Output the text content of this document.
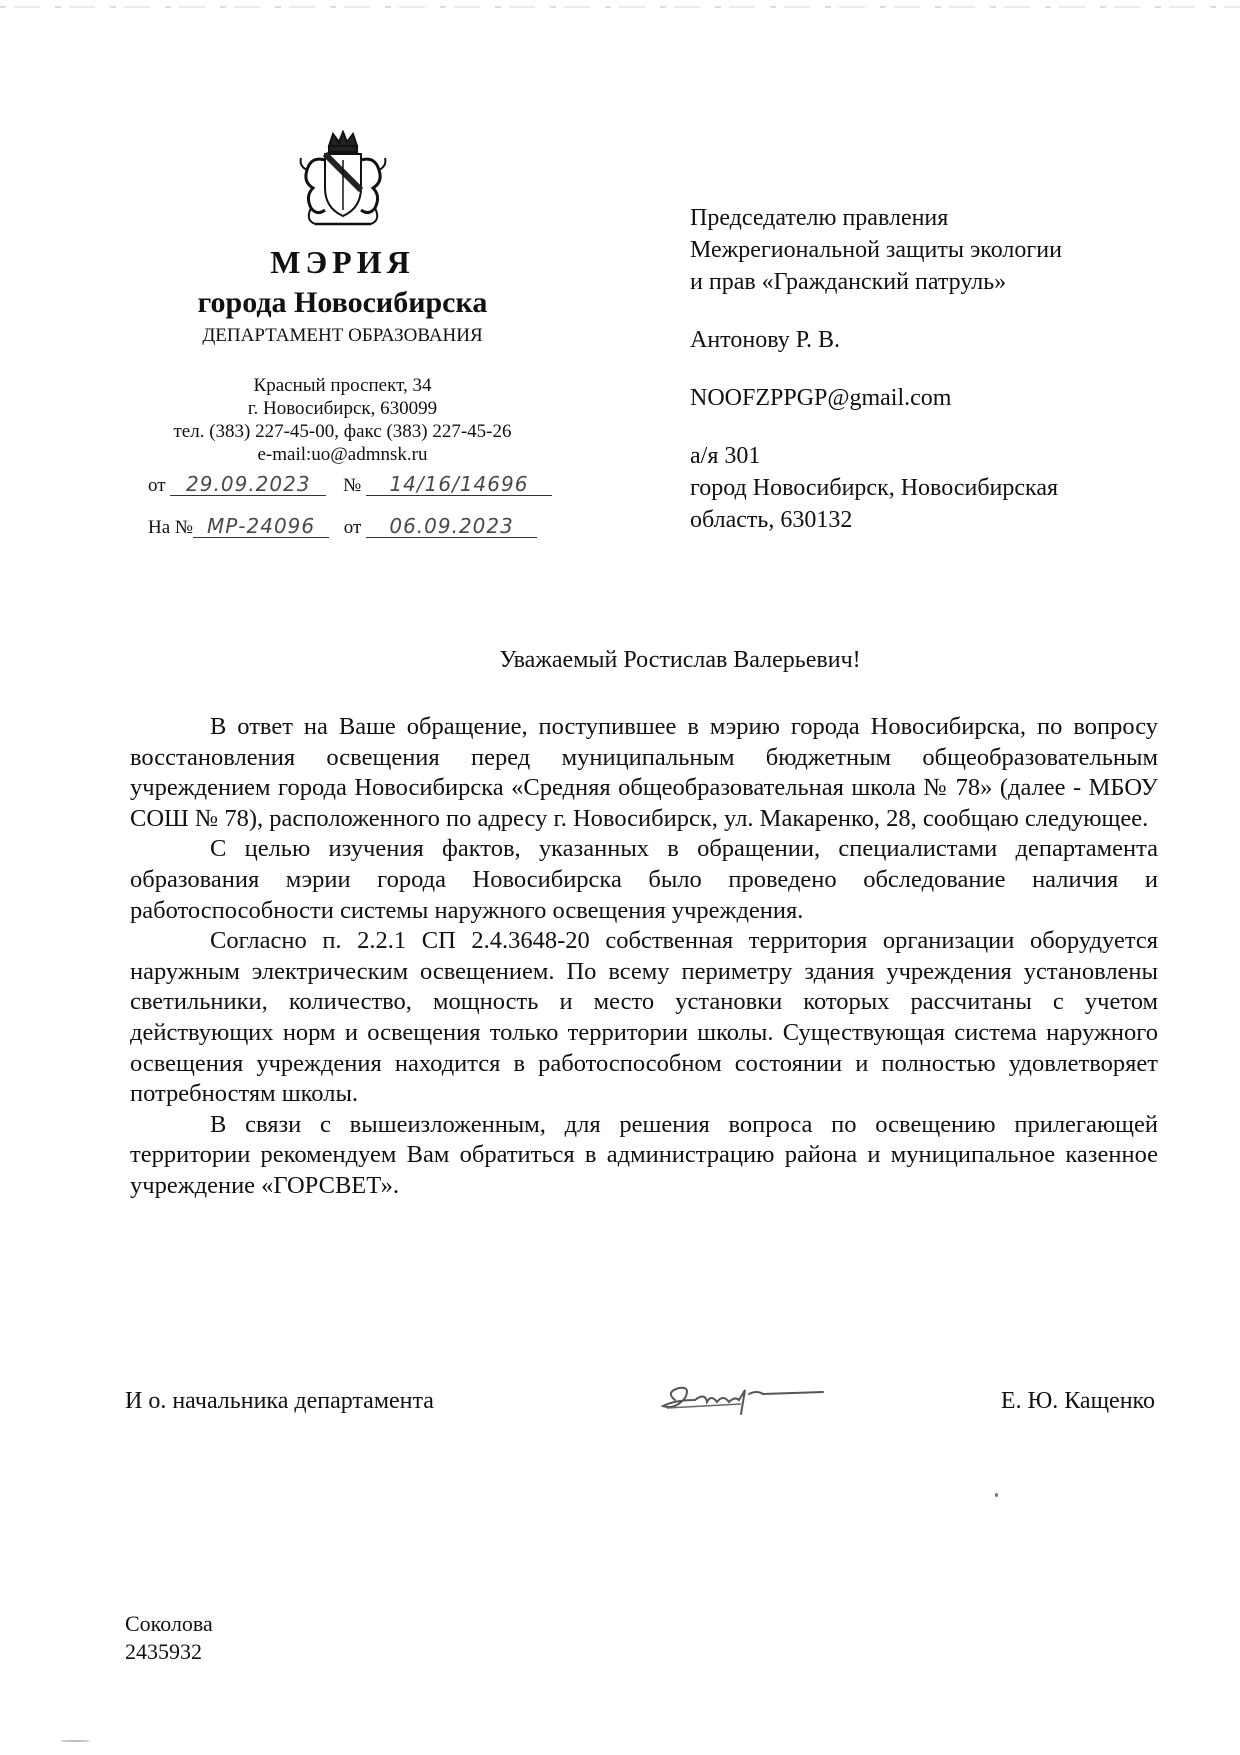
МЭРИЯ
города Новосибирска
ДЕПАРТАМЕНТ ОБРАЗОВАНИЯ
Красный проспект, 34
г. Новосибирск, 630099
тел. (383) 227-45-00, факс (383) 227-45-26
e-mail:uo@admnsk.ru
от 29.09.2023 № 14/16/14696
На № МР-24096 от 06.09.2023
Председателю правления
Межрегиональной защиты экологии
и прав «Гражданский патруль»
Антонову Р. В.
NOOFZPPGP@gmail.com
а/я 301
город Новосибирск, Новосибирская
область, 630132
Уважаемый Ростислав Валерьевич!

В ответ на Ваше обращение, поступившее в мэрию города Новосибирска, по вопросу восстановления освещения перед муниципальным бюджетным общеобразовательным учреждением города Новосибирска «Средняя общеобразовательная школа № 78» (далее - МБОУ СОШ № 78), расположенного по адресу г. Новосибирск, ул. Макаренко, 28, сообщаю следующее.

С целью изучения фактов, указанных в обращении, специалистами департамента образования мэрии города Новосибирска было проведено обследование наличия и работоспособности системы наружного освещения учреждения.

Согласно п. 2.2.1 СП 2.4.3648-20 собственная территория организации оборудуется наружным электрическим освещением. По всему периметру здания учреждения установлены светильники, количество, мощность и место установки которых рассчитаны с учетом действующих норм и освещения только территории школы. Существующая система наружного освещения учреждения находится в работоспособном состоянии и полностью удовлетворяет потребностям школы.

В связи с вышеизложенным, для решения вопроса по освещению прилегающей территории рекомендуем Вам обратиться в администрацию района и муниципальное казенное учреждение «ГОРСВЕТ».

И о. начальника департамента	Е. Ю. Кащенко
Соколова
2435932
